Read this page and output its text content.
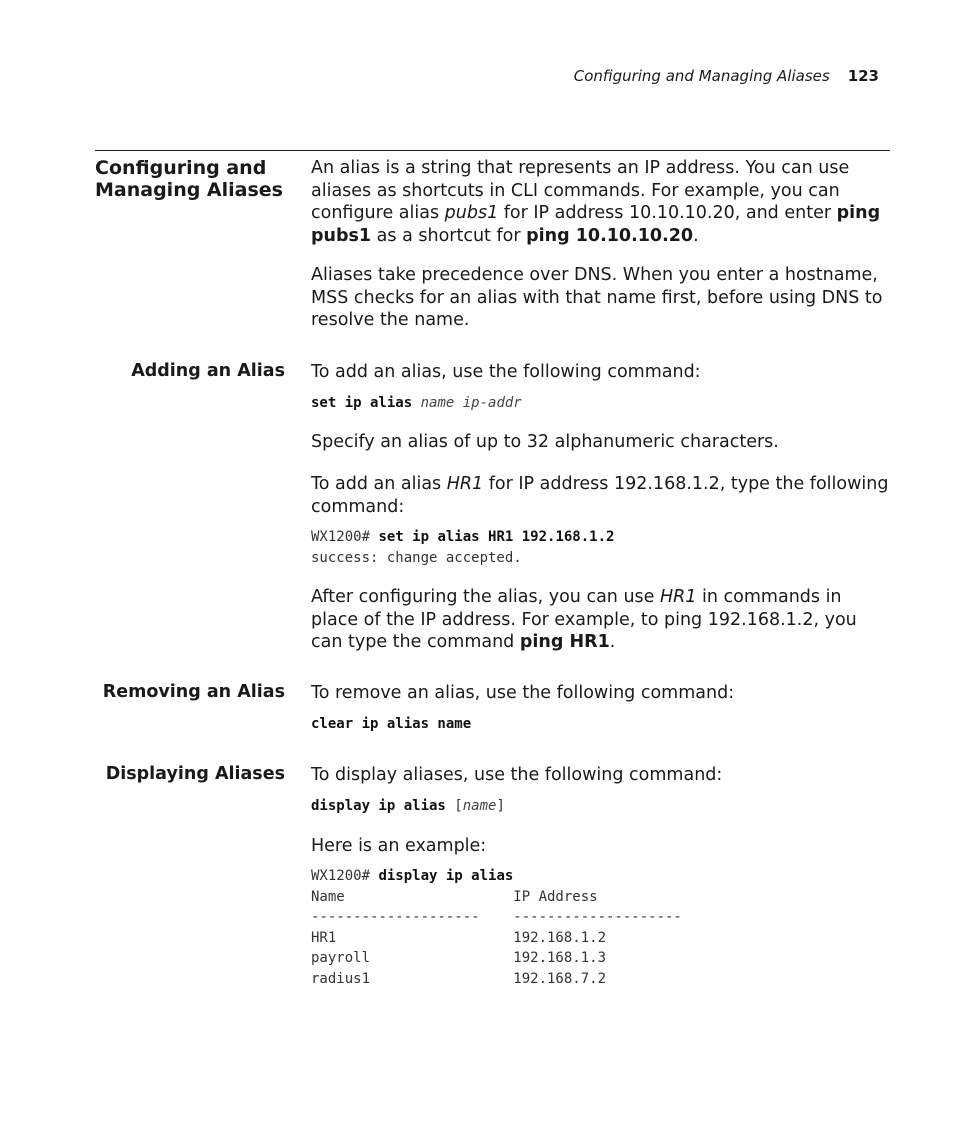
Configuring and Managing Aliases 123
Configuring and
Managing Aliases

An alias is a string that represents an IP address. You can use aliases as shortcuts in CLI commands. For example, you can configure alias pubs1 for IP address 10.10.10.20, and enter ping pubs1 as a shortcut for ping 10.10.10.20.

Aliases take precedence over DNS. When you enter a hostname, MSS checks for an alias with that name first, before using DNS to resolve the name.

Adding an Alias To add an alias, use the following command:

set ip alias name ip-addr

Specify an alias of up to 32 alphanumeric characters.

To add an alias HR1 for IP address 192.168.1.2, type the following command:

WX1200# set ip alias HR1 192.168.1.2
success: change accepted.

After configuring the alias, you can use HR1 in commands in place of the IP address. For example, to ping 192.168.1.2, you can type the command ping HR1.

Removing an Alias To remove an alias, use the following command:

clear ip alias name
Displaying Aliases To display aliases, use the following command:

display ip alias [name]

Here is an example:

WX1200# display ip alias
Name                    IP Address
--------------------    --------------------
HR1                     192.168.1.2
payroll                 192.168.1.3
radius1                 192.168.7.2
